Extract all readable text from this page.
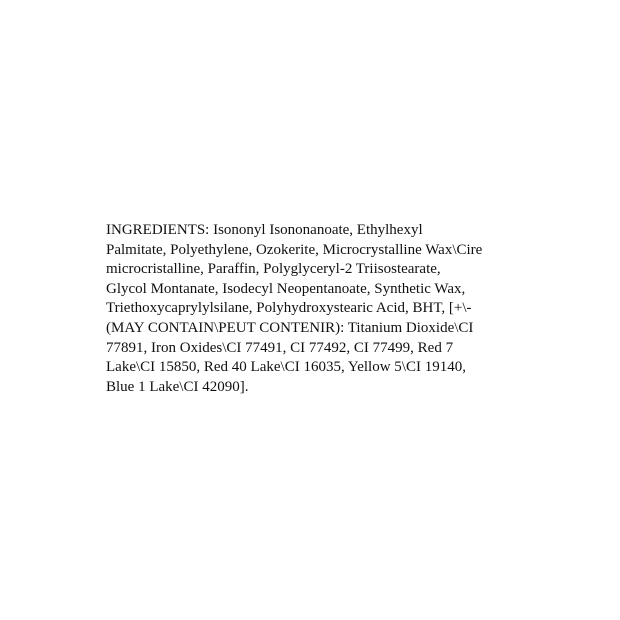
INGREDIENTS: Isononyl Isononanoate, Ethylhexyl
Palmitate, Polyethylene, Ozokerite, Microcrystalline Wax\Cire
microcristalline, Paraffin, Polyglyceryl-2 Triisostearate,
Glycol Montanate, Isodecyl Neopentanoate, Synthetic Wax,
Triethoxycaprylylsilane, Polyhydroxystearic Acid, BHT, [+\-
(MAY CONTAIN\PEUT CONTENIR): Titanium Dioxide\CI
77891, Iron Oxides\CI 77491, CI 77492, CI 77499, Red 7
Lake\CI 15850, Red 40 Lake\CI 16035, Yellow 5\CI 19140,
Blue 1 Lake\CI 42090].
